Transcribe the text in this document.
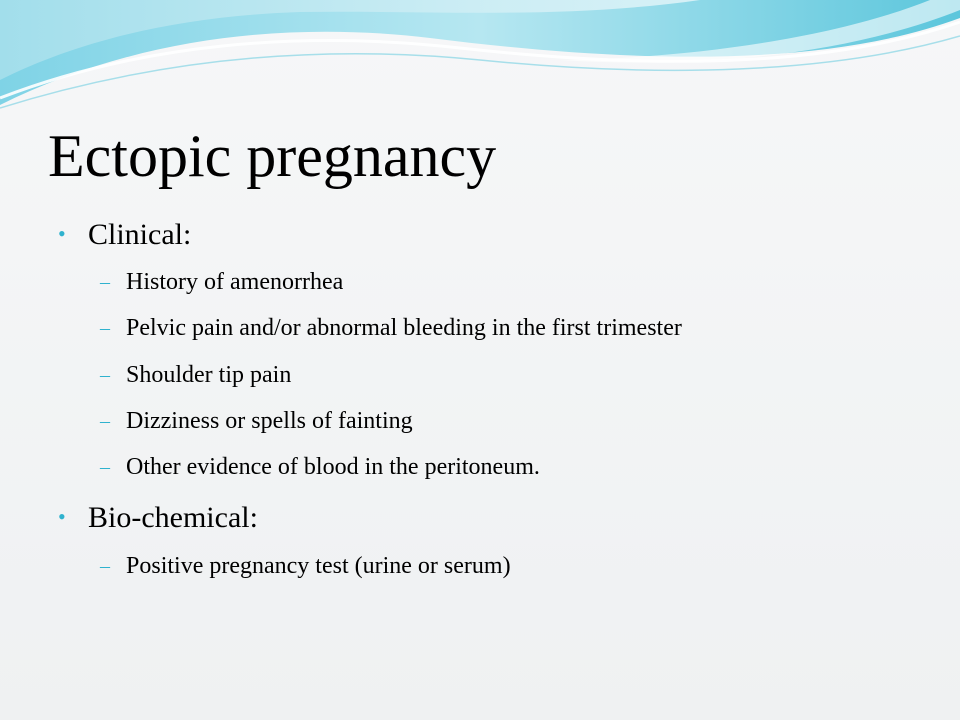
Ectopic pregnancy
• Clinical:
– History of amenorrhea
– Pelvic pain and/or abnormal bleeding in the first trimester
– Shoulder tip pain
– Dizziness or spells of fainting
– Other evidence of blood in the peritoneum.
• Bio-chemical:
– Positive pregnancy test (urine or serum)
